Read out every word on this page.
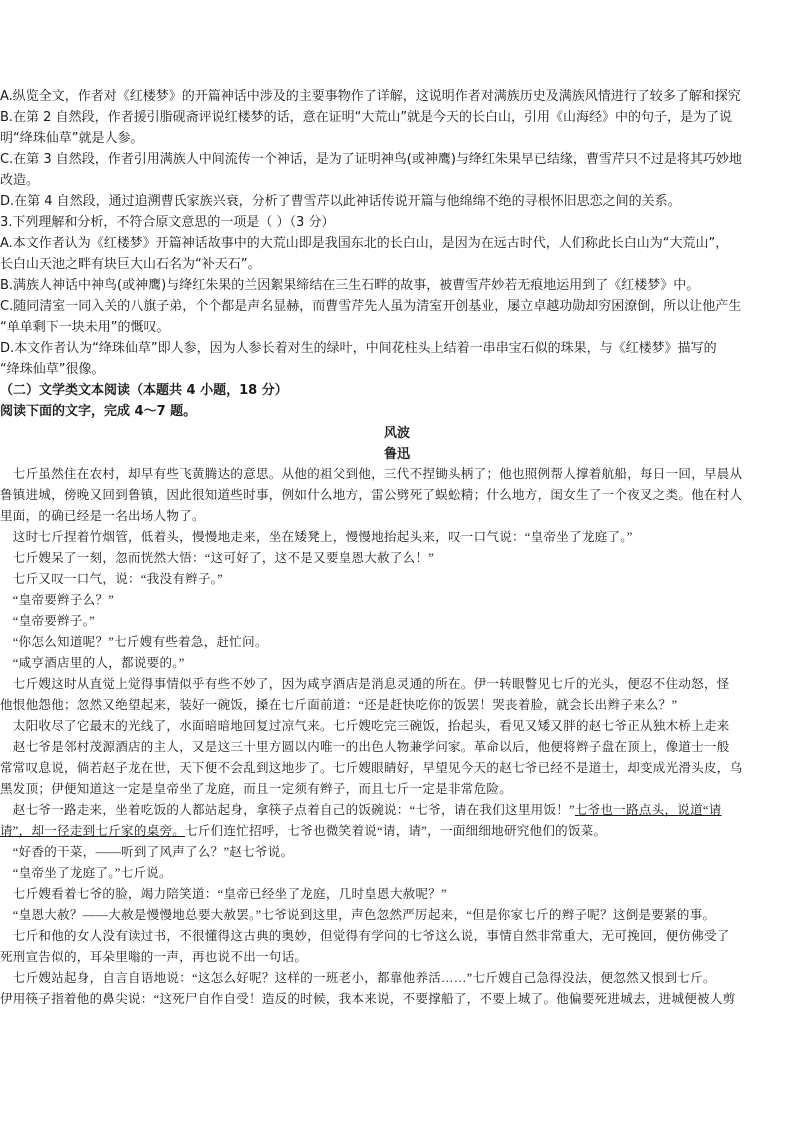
A.纵览全文，作者对《红楼梦》的开篇神话中涉及的主要事物作了详解，这说明作者对满族历史及满族风情进行了较多了解和探究
B.在第 2 自然段，作者援引脂砚斋评说红楼梦的话，意在证明“大荒山”就是今天的长白山，引用《山海经》中的句子，是为了说
明“绛珠仙草”就是人参。
C.在第 3 自然段，作者引用满族人中间流传一个神话，是为了证明神鸟(或神鹰)与绛红朱果早已结缘，曹雪芹只不过是将其巧妙地
改造。
D.在第 4 自然段，通过追溯曹氏家族兴衰，分析了曹雪芹以此神话传说开篇与他绵绵不绝的寻根怀旧思恋之间的关系。
3.下列理解和分析，不符合原文意思的一项是（ ）（3 分）
A.本文作者认为《红楼梦》开篇神话故事中的大荒山即是我国东北的长白山，是因为在远古时代，人们称此长白山为“大荒山”，
长白山天池之畔有块巨大山石名为“补天石”。
B.满族人神话中神鸟(或神鹰)与绛红朱果的兰因絮果缔结在三生石畔的故事，被曹雪芹妙若无痕地运用到了《红楼梦》中。
C.随同清室一同入关的八旗子弟，个个都是声名显赫，而曹雪芹先人虽为清室开创基业，屡立卓越功勋却穷困潦倒，所以让他产生
“单单剩下一块未用”的慨叹。
D.本文作者认为“绛珠仙草”即人参，因为人参长着对生的绿叶，中间花柱头上结着一串串宝石似的珠果，与《红楼梦》描写的
“绛珠仙草”很像。
（二）文学类文本阅读（本题共 4 小题，18 分）
阅读下面的文字，完成 4～7 题。
风波
鲁迅
　七斤虽然住在农村，却早有些飞黄腾达的意思。从他的祖父到他，三代不捏锄头柄了；他也照例帮人撑着航船，每日一回，早晨从
鲁镇进城，傍晚又回到鲁镇，因此很知道些时事，例如什么地方，雷公劈死了蜈蚣精；什么地方，闺女生了一个夜叉之类。他在村人
里面，的确已经是一名出场人物了。
　这时七斤捏着竹烟管，低着头，慢慢地走来，坐在矮凳上，慢慢地抬起头来，叹一口气说：“皇帝坐了龙庭了。”
　七斤嫂呆了一刻，忽而恍然大悟：“这可好了，这不是又要皇恩大赦了么！”
　七斤又叹一口气，说：“我没有辫子。”
　“皇帝要辫子么？”
　“皇帝要辫子。”
　“你怎么知道呢？”七斤嫂有些着急，赶忙问。
　“咸亨酒店里的人，都说要的。”
　七斤嫂这时从直觉上觉得事情似乎有些不妙了，因为咸亨酒店是消息灵通的所在。伊一转眼瞥见七斤的光头，便忍不住动怒，怪
他恨他怨他；忽然又绝望起来，装好一碗饭，搡在七斤面前道：“还是赶快吃你的饭罢！哭丧着脸，就会长出辫子来么？”
　太阳收尽了它最末的光线了，水面暗暗地回复过凉气来。七斤嫂吃完三碗饭，抬起头，看见又矮又胖的赵七爷正从独木桥上走来
　赵七爷是邻村茂源酒店的主人，又是这三十里方圆以内唯一的出色人物兼学问家。革命以后，他便将辫子盘在顶上，像道士一般
常常叹息说，倘若赵子龙在世，天下便不会乱到这地步了。七斤嫂眼睛好，早望见今天的赵七爷已经不是道士，却变成光滑头皮，乌
黑发顶；伊便知道这一定是皇帝坐了龙庭，而且一定须有辫子，而且七斤一定是非常危险。
　赵七爷一路走来，坐着吃饭的人都站起身，拿筷子点着自己的饭碗说：“七爷，请在我们这里用饭！”七爷也一路点头，说道“请
请”，却一径走到七斤家的桌旁。七斤们连忙招呼，七爷也微笑着说“请，请”，一面细细地研究他们的饭菜。
　“好香的干菜，——听到了风声了么？”赵七爷说。
　“皇帝坐了龙庭了。”七斤说。
　七斤嫂看着七爷的脸，竭力陪笑道：“皇帝已经坐了龙庭，几时皇恩大赦呢？”
　“皇恩大赦？——大赦是慢慢地总要大赦罢。”七爷说到这里，声色忽然严厉起来，“但是你家七斤的辫子呢？这倒是要紧的事。
　七斤和他的女人没有读过书，不很懂得这古典的奥妙，但觉得有学问的七爷这么说，事情自然非常重大，无可挽回，便仿佛受了
死刑宣告似的，耳朵里嗡的一声，再也说不出一句话。
　七斤嫂站起身，自言自语地说：“这怎么好呢？这样的一班老小，都靠他养活……”七斤嫂自己急得没法，便忽然又恨到七斤。
伊用筷子指着他的鼻尖说：“这死尸自作自受！造反的时候，我本来说，不要撑船了，不要上城了。他偏要死进城去，进城便被人剪
